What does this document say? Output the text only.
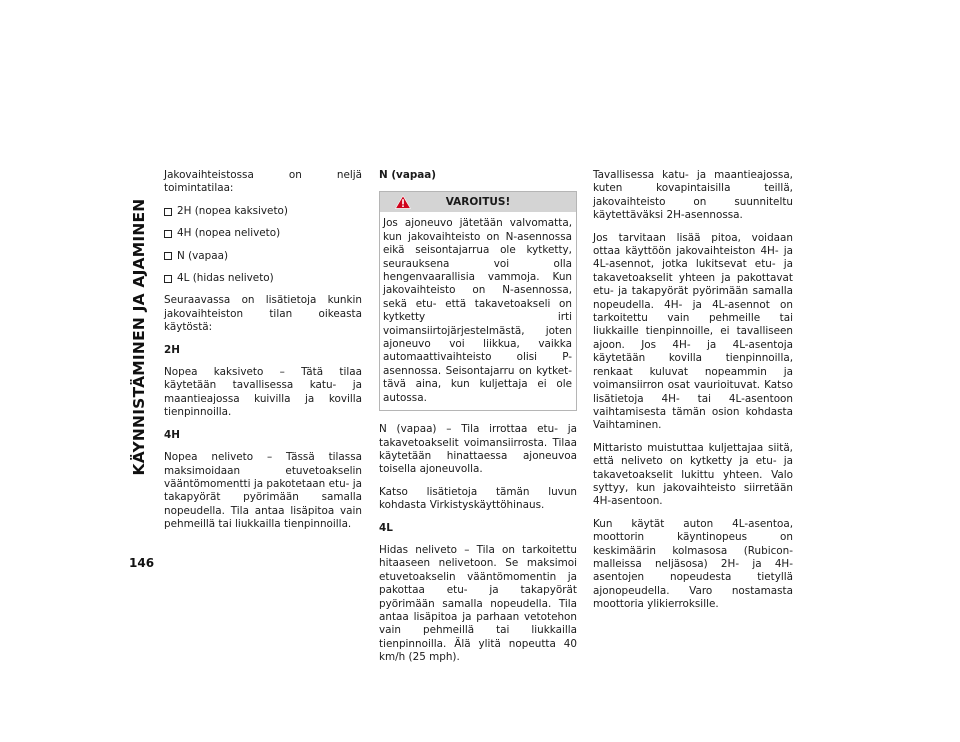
KÄYNNISTÄMINEN JA AJAMINEN
146

Jakovaihteistossa on neljä toimintatilaa:

2H (nopea kaksiveto)
4H (nopea neliveto)
N (vapaa)
4L (hidas neliveto)

Seuraavassa on lisätietoja kunkin jakovaihteiston tilan oikeasta käytöstä:

2H

Nopea kaksiveto – Tätä tilaa käytetään tavallisessa katu- ja maantieajossa kuivilla ja kovilla tienpinnoilla.

4H

Nopea neliveto – Tässä tilassa maksimoidaan etuvetoakselin vääntömomentti ja pakotetaan etu- ja takapyörät pyörimään samalla nopeudella. Tila antaa lisäpitoa vain pehmeillä tai liukkailla tienpinnoilla.

N (vapaa)
VAROITUS!
Jos ajoneuvo jätetään valvomatta, kun jakovaihteisto on N-asennossa eikä seisontajarrua ole kytketty, seurauksena voi olla hengenvaarallisia vammoja. Kun jakovaihteisto on N-asennossa, sekä etu- että takavetoakseli on kytketty irti voimansiirtojärjestelmästä, joten ajoneuvo voi liikkua, vaikka automaattivaihteisto olisi P-asennossa. Seisontajarru on kytkettävä aina, kun kuljettaja ei ole autossa.

N (vapaa) – Tila irrottaa etu- ja takavetoakselit voimansiirrosta. Tilaa käytetään hinattaessa ajoneuvoa toisella ajoneuvolla.

Katso lisätietoja tämän luvun kohdasta Virkistyskäyttöhinaus.

4L

Hidas neliveto – Tila on tarkoitettu hitaaseen nelivetoon. Se maksimoi etuvetoakselin vääntömomentin ja pakottaa etu- ja takapyörät pyörimään samalla nopeudella. Tila antaa lisäpitoa ja parhaan vetotehon vain pehmeillä tai liukkailla tienpinnoilla. Älä ylitä nopeutta 40 km/h (25 mph).

Tavallisessa katu- ja maantieajossa, kuten kovapintaisilla teillä, jakovaihteisto on suunniteltu käytettäväksi 2H-asennossa.

Jos tarvitaan lisää pitoa, voidaan ottaa käyttöön jakovaihteiston 4H- ja 4L-asennot, jotka lukitsevat etu- ja takavetoakselit yhteen ja pakottavat etu- ja takapyörät pyörimään samalla nopeudella. 4H- ja 4L-asennot on tarkoitettu vain pehmeille tai liukkaille tienpinnoille, ei tavalliseen ajoon. Jos 4H- ja 4L-asentoja käytetään kovilla tienpinnoilla, renkaat kuluvat nopeammin ja voimansiirron osat vaurioituvat. Katso lisätietoja 4H- tai 4L-asentoon vaihtamisesta tämän osion kohdasta Vaihtaminen.

Mittaristo muistuttaa kuljettajaa siitä, että neliveto on kytketty ja etu- ja takavetoakselit lukittu yhteen. Valo syttyy, kun jakovaihteisto siirretään 4H-asentoon.

Kun käytät auton 4L-asentoa, moottorin käyntinopeus on keskimäärin kolmasosa (Rubicon-malleissa neljäsosa) 2H- ja 4H-asentojen nopeudesta tietyllä ajonopeudella. Varo nostamasta moottoria ylikierroksille.
